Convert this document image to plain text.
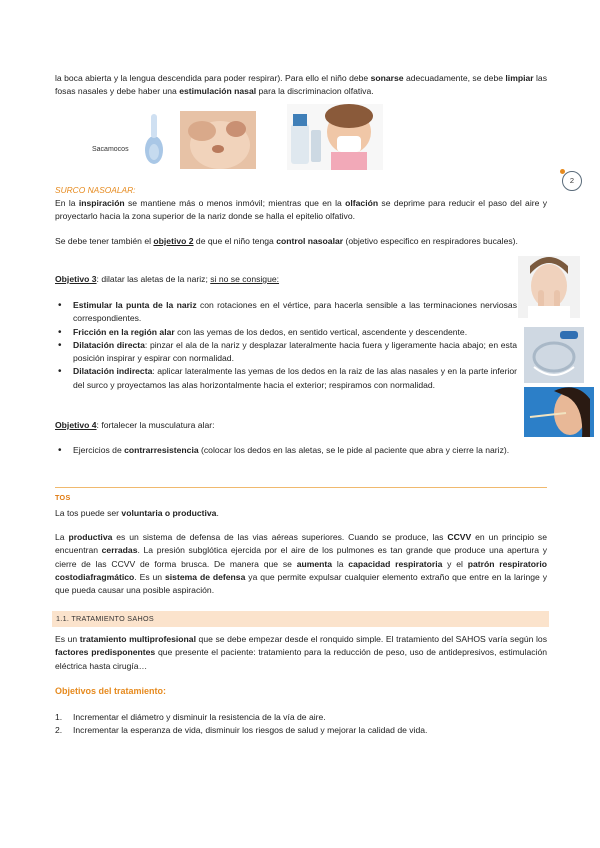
la boca abierta y la lengua descendida para poder respirar). Para ello el niño debe sonarse adecuadamente, se debe limpiar las fosas nasales y debe haber una estimulación nasal para la discriminacion olfativa.

Sacamocos
2

SURCO NASOALAR:

En la inspiración se mantiene más o menos inmóvil; mientras que en la olfación se deprime para reducir el paso del aire y proyectarlo hacia la zona superior de la nariz donde se halla el epitelio olfativo.

Se debe tener también el objetivo 2 de que el niño tenga control nasoalar (objetivo especifico en respiradores bucales).

Objetivo 3: dilatar las aletas de la nariz; si no se consigue:

• Estimular la punta de la nariz con rotaciones en el vértice, para hacerla sensible a las terminaciones nerviosas correspondientes.
• Fricción en la región alar con las yemas de los dedos, en sentido vertical, ascendente y descendente.
• Dilatación directa: pinzar el ala de la nariz y desplazar lateralmente hacia fuera y ligeramente hacia abajo; en esta posición inspirar y espirar con normalidad.
• Dilatación indirecta: aplicar lateralmente las yemas de los dedos en la raiz de las alas nasales y en la parte inferior del surco y proyectamos las alas horizontalmente hacia el exterior; respiramos con normalidad.

Objetivo 4: fortalecer la musculatura alar:

• Ejercicios de contrarresistencia (colocar los dedos en las aletas, se le pide al paciente que abra y cierre la nariz).
TOS

La tos puede ser voluntaria o productiva.

La productiva es un sistema de defensa de las vias aéreas superiores. Cuando se produce, las CCVV en un principio se encuentran cerradas. La presión subglótica ejercida por el aire de los pulmones es tan grande que produce una apertura y cierre de las CCVV de forma brusca. De manera que se aumenta la capacidad respiratoria y el patrón respiratorio costodiafragmático. Es un sistema de defensa ya que permite expulsar cualquier elemento extraño que entre en la laringe y que pueda causar una posible aspiración.

1.1. TRATAMIENTO SAHOS

Es un tratamiento multiprofesional que se debe empezar desde el ronquido simple. El tratamiento del SAHOS varía según los factores predisponentes que presente el paciente: tratamiento para la reducción de peso, uso de antidepresivos, estimulación eléctrica hasta cirugía…

Objetivos del tratamiento:
1. Incrementar el diámetro y disminuir la resistencia de la vía de aire.
2. Incrementar la esperanza de vida, disminuir los riesgos de salud y mejorar la calidad de vida.
